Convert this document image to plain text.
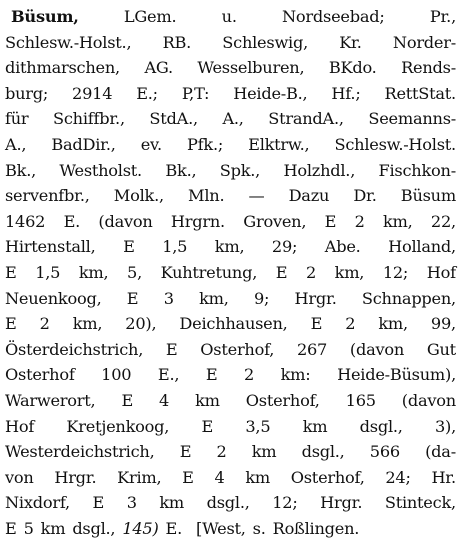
Büsum,	LGem.	u.	Nordseebad;	Pr.,
Schlesw.-Holst., RB. Schleswig, Kr. Norder-
dithmarschen, AG. Wesselburen, BKdo. Rends-
burg; 2914 E.; P,T: Heide-B., Hf.; RettStat.
für Schiffbr., StdA., A., StrandA., Seemanns-
A., BadDir., ev. Pfk.; Elktrw., Schlesw.-Holst.
Bk., Westholst. Bk., Spk., Holzhdl., Fischkon-
servenfbr., Molk., Mln. — Dazu Dr. Büsum
1462 E. (davon Hrgrn. Groven, E 2 km, 22,
Hirtenstall, E 1,5 km, 29; Abe. Holland,
E 1,5 km, 5, Kuhtretung, E 2 km, 12; Hof
Neuenkoog, E 3 km, 9; Hrgr. Schnappen,
E 2 km, 20), Deichhausen, E 2 km, 99,
Österdeichstrich, E Osterhof, 267 (davon Gut
Osterhof 100 E., E 2 km: Heide-Büsum),
Warwerort, E 4 km Osterhof, 165 (davon
Hof Kretjenkoog, E 3,5 km dsgl., 3),
Westerdeichstrich, E 2 km dsgl., 566 (da-
von Hrgr. Krim, E 4 km Osterhof, 24; Hr.
Nixdorf, E 3 km dsgl., 12; Hrgr. Stinteck,
E 5 km dsgl., 145) E. [West, s. Roßlingen.
